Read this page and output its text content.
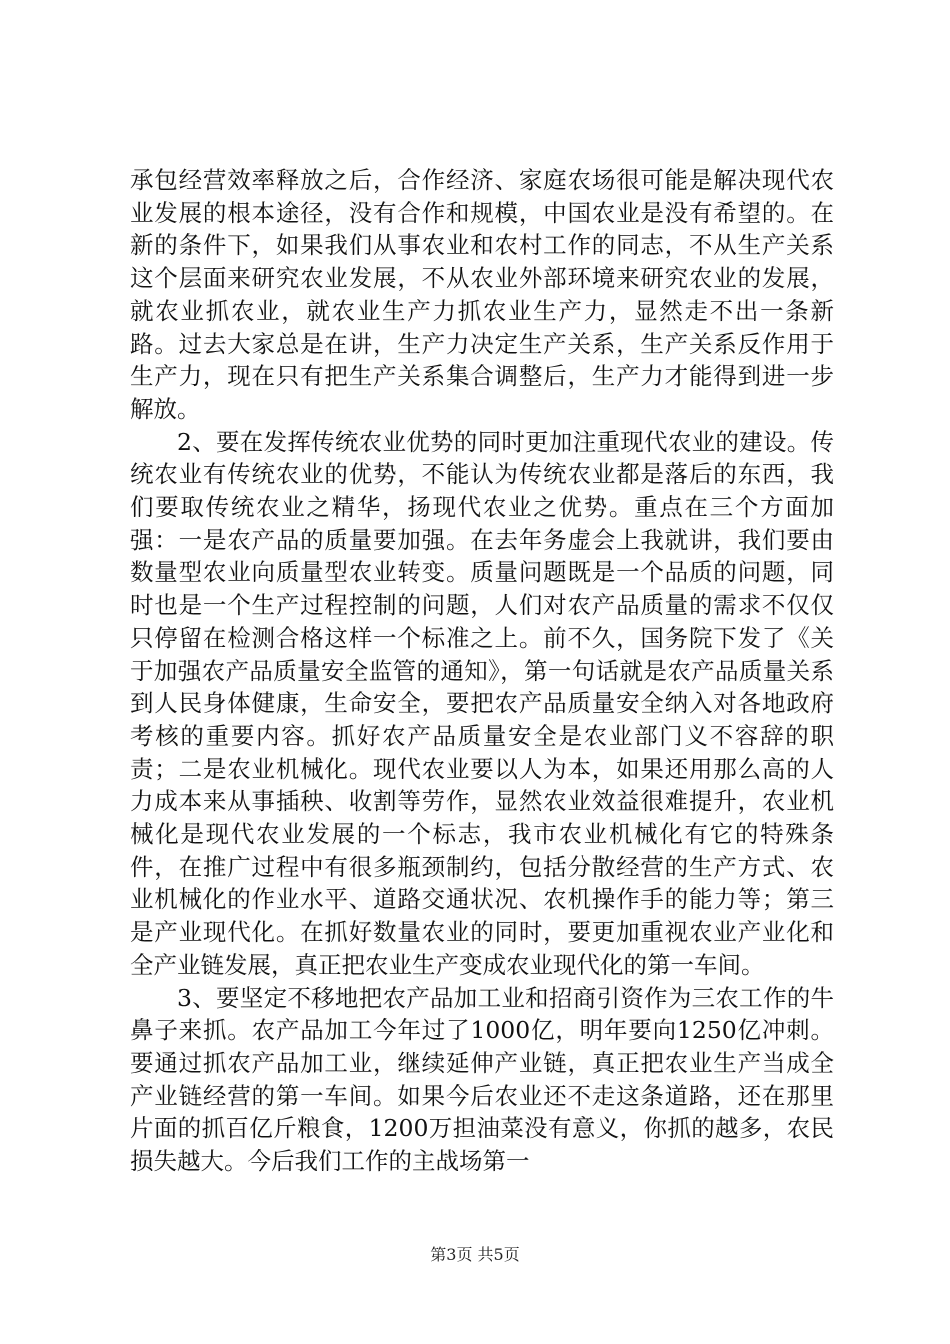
承包经营效率释放之后，合作经济、家庭农场很可能是解决现代农业发展的根本途径，没有合作和规模，中国农业是没有希望的。在新的条件下，如果我们从事农业和农村工作的同志，不从生产关系这个层面来研究农业发展，不从农业外部环境来研究农业的发展，就农业抓农业，就农业生产力抓农业生产力，显然走不出一条新路。过去大家总是在讲，生产力决定生产关系，生产关系反作用于生产力，现在只有把生产关系集合调整后，生产力才能得到进一步解放。

2、要在发挥传统农业优势的同时更加注重现代农业的建设。传统农业有传统农业的优势，不能认为传统农业都是落后的东西，我们要取传统农业之精华，扬现代农业之优势。重点在三个方面加强：一是农产品的质量要加强。在去年务虚会上我就讲，我们要由数量型农业向质量型农业转变。质量问题既是一个品质的问题，同时也是一个生产过程控制的问题，人们对农产品质量的需求不仅仅只停留在检测合格这样一个标准之上。前不久，国务院下发了《关于加强农产品质量安全监管的通知》，第一句话就是农产品质量关系到人民身体健康，生命安全，要把农产品质量安全纳入对各地政府考核的重要内容。抓好农产品质量安全是农业部门义不容辞的职责；二是农业机械化。现代农业要以人为本，如果还用那么高的人力成本来从事插秧、收割等劳作，显然农业效益很难提升，农业机械化是现代农业发展的一个标志，我市农业机械化有它的特殊条件，在推广过程中有很多瓶颈制约，包括分散经营的生产方式、农业机械化的作业水平、道路交通状况、农机操作手的能力等；第三是产业现代化。在抓好数量农业的同时，要更加重视农业产业化和全产业链发展，真正把农业生产变成农业现代化的第一车间。

3、要坚定不移地把农产品加工业和招商引资作为三农工作的牛鼻子来抓。农产品加工今年过了1000亿，明年要向1250亿冲刺。要通过抓农产品加工业，继续延伸产业链，真正把农业生产当成全产业链经营的第一车间。如果今后农业还不走这条道路，还在那里片面的抓百亿斤粮食，1200万担油菜没有意义，你抓的越多，农民损失越大。今后我们工作的主战场第一

第3页 共5页
